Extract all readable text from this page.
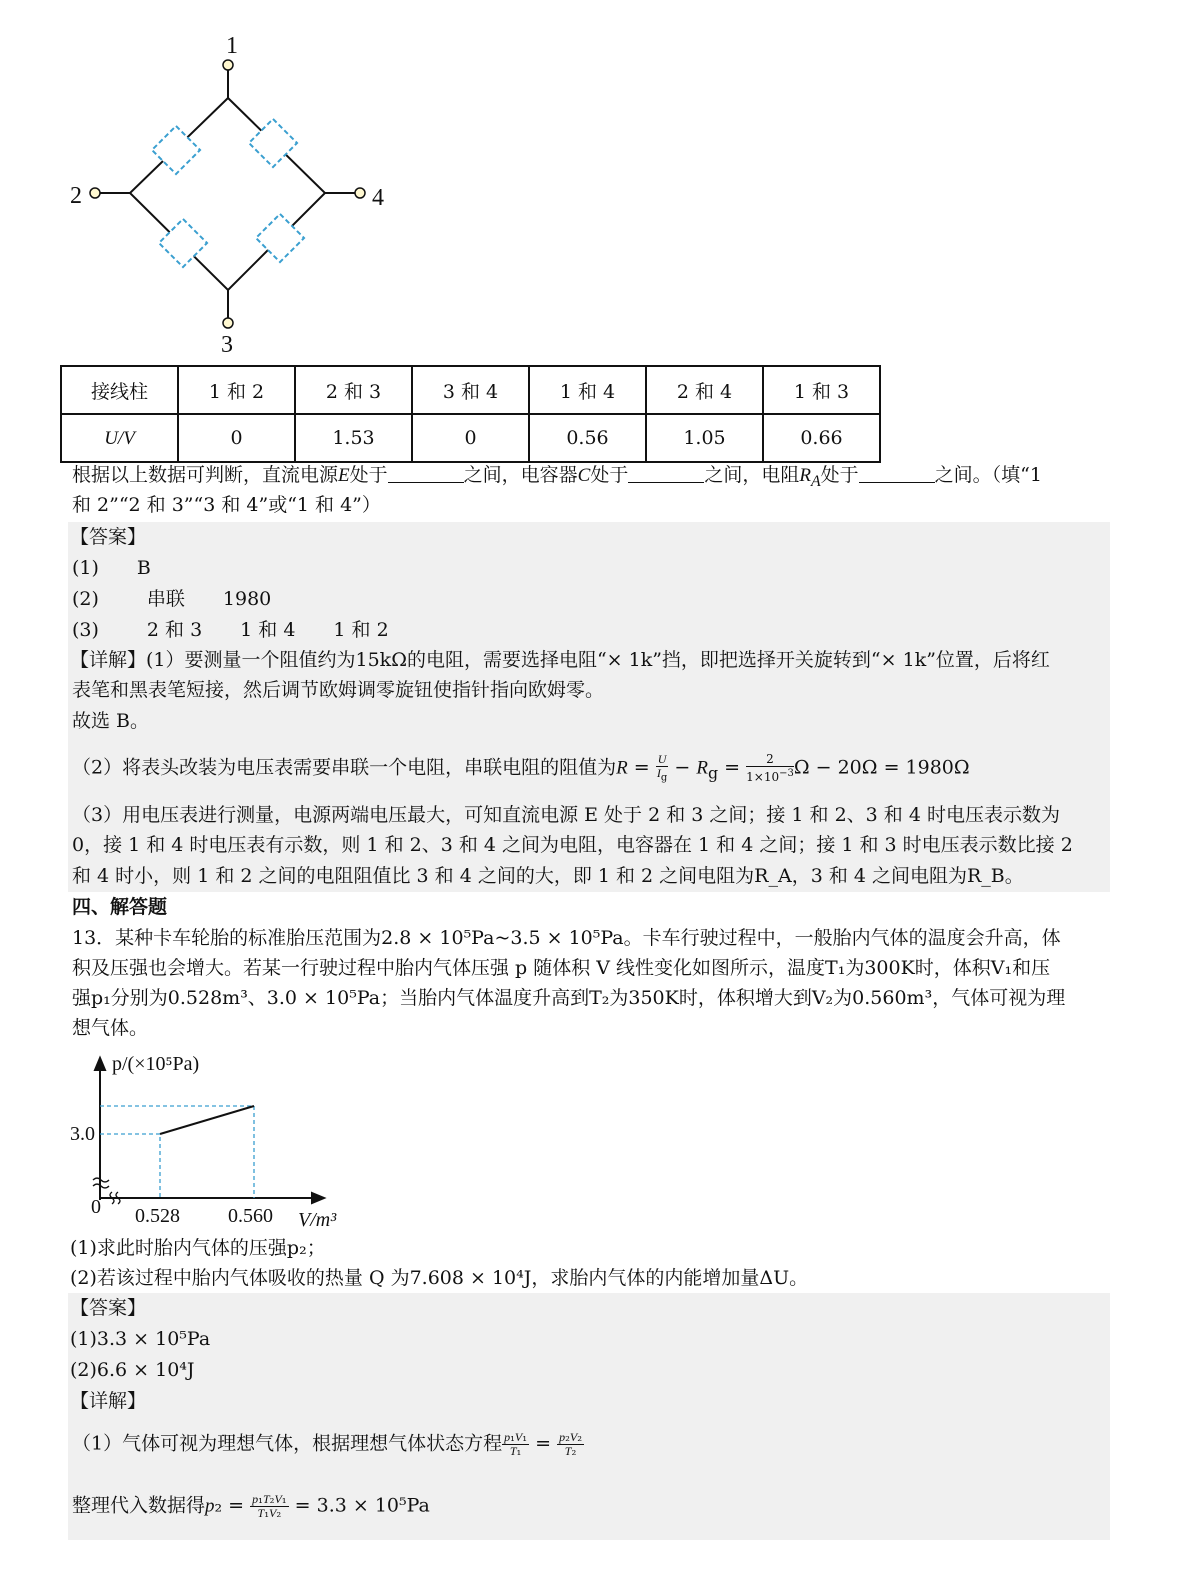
1
2	4
3
接线柱	1 和 2	2 和 3	3 和 4	1 和 4	2 和 4	1 和 3
U/V	0	1.53	0	0.56	1.05	0.66
根据以上数据可判断，直流电源E处于	之间，电容器C处于	之间，电阻$R_A$处于	之间。（填“1
和 2”“2 和 3”“3 和 4”或“1 和 4”）
【答案】
(1) B
(2)	串联　　1980
(3)	2 和 3　　1 和 4　　1 和 2
【详解】(1）要测量一个阻值约为15kΩ的电阻，需要选择电阻“× 1k”挡，即把选择开关旋转到“× 1k”位置，后将红
表笔和黑表笔短接，然后调节欧姆调零旋钮使指针指向欧姆零。
故选 B。
（2）将表头改装为电压表需要串联一个电阻，串联电阻的阻值为$R = \frac{U}{I_g} - R_g = \frac{2}{1\times 10^{-3}}$ Ω − 20Ω = 1980Ω
（3）用电压表进行测量，电源两端电压最大，可知直流电源 E 处于 2 和 3 之间；接 1 和 2、3 和 4 时电压表示数为
0，接 1 和 4 时电压表有示数，则 1 和 2、3 和 4 之间为电阻，电容器在 1 和 4 之间；接 1 和 3 时电压表示数比接 2
和 4 时小，则 1 和 2 之间的电阻阻值比 3 和 4 之间的大，即 1 和 2 之间电阻为R_A，3 和 4 之间电阻为R_B。
四、解答题
13．某种卡车轮胎的标准胎压范围为2.8 × 10⁵Pa~3.5 × 10⁵Pa。卡车行驶过程中，一般胎内气体的温度会升高，体
积及压强也会增大。若某一行驶过程中胎内气体压强 p 随体积 V 线性变化如图所示，温度T₁为300K时，体积V₁和压
强p₁分别为0.528m³、3.0 × 10⁵Pa；当胎内气体温度升高到T₂为350K时，体积增大到V₂为0.560m³，气体可视为理
想气体。
p/(×10⁵Pa)
3.0
0 0.528 0.560 V/m³
(1)求此时胎内气体的压强p₂；
(2)若该过程中胎内气体吸收的热量 Q 为7.608 × 10⁴J，求胎内气体的内能增加量ΔU。
【答案】
(1)3.3 × 10⁵Pa
(2)6.6 × 10⁴J
【详解】
（1）气体可视为理想气体，根据理想气体状态方程 $\frac{\text{p₁V₁}}{\text{T₁}} = \frac{\text{p₂V₂}}{\text{T₂}}$
整理代入数据得$p_2 = \frac{\text{p₁T₂V₁}}{\text{T₁V₂}} = 3.3 \times 10^5Pa$
